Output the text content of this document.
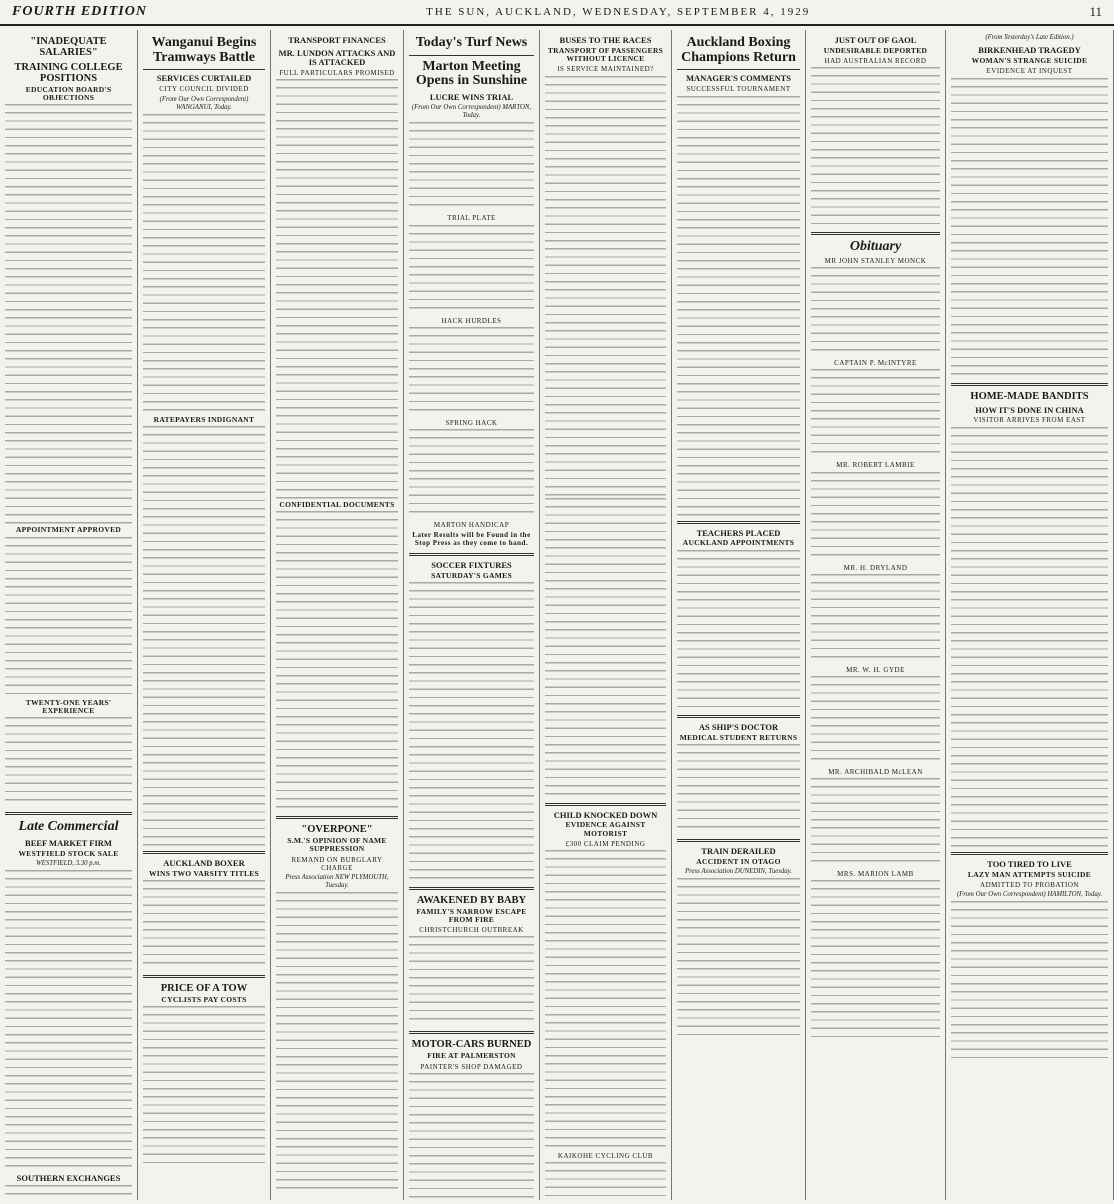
FOURTH EDITION	THE SUN, AUCKLAND, WEDNESDAY, SEPTEMBER 4, 1929	11
"INADEQUATE SALARIES"
TRAINING COLLEGE POSITIONS
EDUCATION BOARD'S OBJECTIONS
APPOINTMENT APPROVED
TWENTY-ONE YEARS' EXPERIENCE
Late Commercial
BEEF MARKET FIRM
WESTFIELD STOCK SALE
WESTFIELD, 3.30 p.m.
SOUTHERN EXCHANGES
Wanganui Begins Tramways Battle
SERVICES CURTAILED
CITY COUNCIL DIVIDED
(From Our Own Correspondent) WANGANUI, Today.
RATEPAYERS INDIGNANT
AUCKLAND BOXER
WINS TWO VARSITY TITLES
PRICE OF A TOW
CYCLISTS PAY COSTS
TRANSPORT FINANCES
MR. LUNDON ATTACKS AND IS ATTACKED
FULL PARTICULARS PROMISED
CONFIDENTIAL DOCUMENTS
"OVERPONE"
S.M.'S OPINION OF NAME SUPPRESSION
REMAND ON BURGLARY CHARGE
Press Association NEW PLYMOUTH, Tuesday.
Today's Turf News
Marton Meeting Opens in Sunshine
LUCRE WINS TRIAL
(From Our Own Correspondent) MARTON, Today.
TRIAL PLATE
HACK HURDLES
SPRING HACK
MARTON HANDICAP
Later Results will be Found in the Stop Press as they come to hand.
SOCCER FIXTURES
SATURDAY'S GAMES
AWAKENED BY BABY
FAMILY'S NARROW ESCAPE FROM FIRE
CHRISTCHURCH OUTBREAK
MOTOR-CARS BURNED
FIRE AT PALMERSTON
PAINTER'S SHOP DAMAGED
BUSES TO THE RACES
TRANSPORT OF PASSENGERS WITHOUT LICENCE
IS SERVICE MAINTAINED?
CHILD KNOCKED DOWN
EVIDENCE AGAINST MOTORIST
£300 CLAIM PENDING
KAIKOHE CYCLING CLUB
Auckland Boxing Champions Return
MANAGER'S COMMENTS
SUCCESSFUL TOURNAMENT
TEACHERS PLACED
AUCKLAND APPOINTMENTS
AS SHIP'S DOCTOR
MEDICAL STUDENT RETURNS
TRAIN DERAILED
ACCIDENT IN OTAGO
Press Association DUNEDIN, Tuesday.
JUST OUT OF GAOL
UNDESIRABLE DEPORTED
HAD AUSTRALIAN RECORD
Obituary
MR JOHN STANLEY MONCK
CAPTAIN P. McINTYRE
MR. ROBERT LAMBIE
MR. H. DRYLAND
MR. W. H. GYDE
MR. ARCHIBALD McLEAN
MRS. MARION LAMB
(From Yesterday's Late Edition.)
BIRKENHEAD TRAGEDY
WOMAN'S STRANGE SUICIDE
EVIDENCE AT INQUEST
HOME-MADE BANDITS
HOW IT'S DONE IN CHINA
VISITOR ARRIVES FROM EAST
TOO TIRED TO LIVE
LAZY MAN ATTEMPTS SUICIDE
ADMITTED TO PROBATION
(From Our Own Correspondent) HAMILTON, Today.
